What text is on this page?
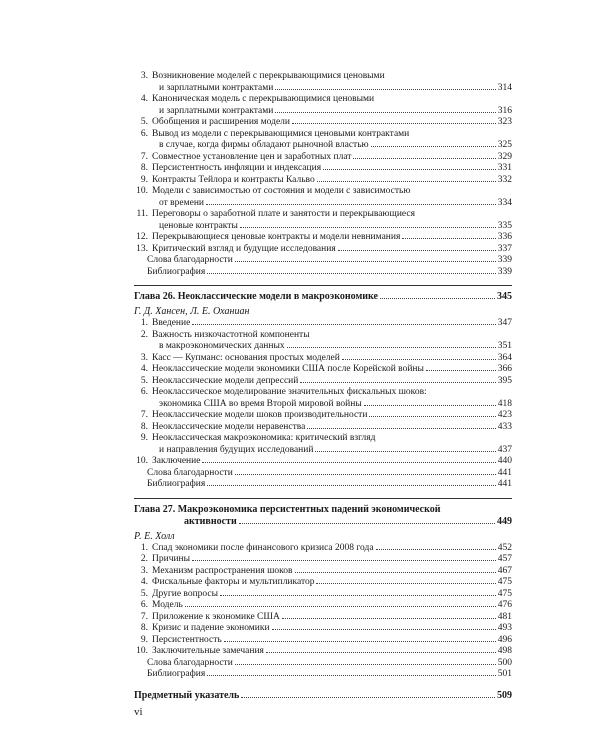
3. Возникновение моделей с перекрывающимися ценовыми
и зарплатными контрактами	314
4. Каноническая модель с перекрывающимися ценовыми
и зарплатными контрактами	316
5. Обобщения и расширения модели	323
6. Вывод из модели с перекрывающимися ценовыми контрактами
в случае, когда фирмы обладают рыночной властью	325
7. Совместное установление цен и заработных плат	329
8. Персистентность инфляции и индексация	331
9. Контракты Тейлора и контракты Кальво	332
10. Модели с зависимостью от состояния и модели с зависимостью
от времени	334
11. Переговоры о заработной плате и занятости и перекрывающиеся
ценовые контракты	335
12. Перекрывающиеся ценовые контракты и модели невнимания	336
13. Критический взгляд и будущие исследования	337
Слова благодарности	339
Библиография	339
Глава 26. Неоклассические модели в макроэкономике	345
Г. Д. Хансен, Л. Е. Оханиан
1. Введение	347
2. Важность низкочастотной компоненты
в макроэкономических данных	351
3. Касс — Купманс: основания простых моделей	364
4. Неоклассические модели экономики США после Корейской войны	366
5. Неоклассические модели депрессий	395
6. Неоклассическое моделирование значительных фискальных шоков:
экономика США во время Второй мировой войны	418
7. Неоклассические модели шоков производительности	423
8. Неоклассические модели неравенства	433
9. Неоклассическая макроэкономика: критический взгляд
и направления будущих исследований	437
10. Заключение	440
Слова благодарности	441
Библиография	441
Глава 27. Макроэкономика персистентных падений экономической
активности	449
Р. Е. Холл
1. Спад экономики после финансового кризиса 2008 года	452
2. Причины	457
3. Механизм распространения шоков	467
4. Фискальные факторы и мультипликатор	475
5. Другие вопросы	475
6. Модель	476
7. Приложение к экономике США	481
8. Кризис и падение экономики	493
9. Персистентность	496
10. Заключительные замечания	498
Слова благодарности	500
Библиография	501
Предметный указатель	509
vi
